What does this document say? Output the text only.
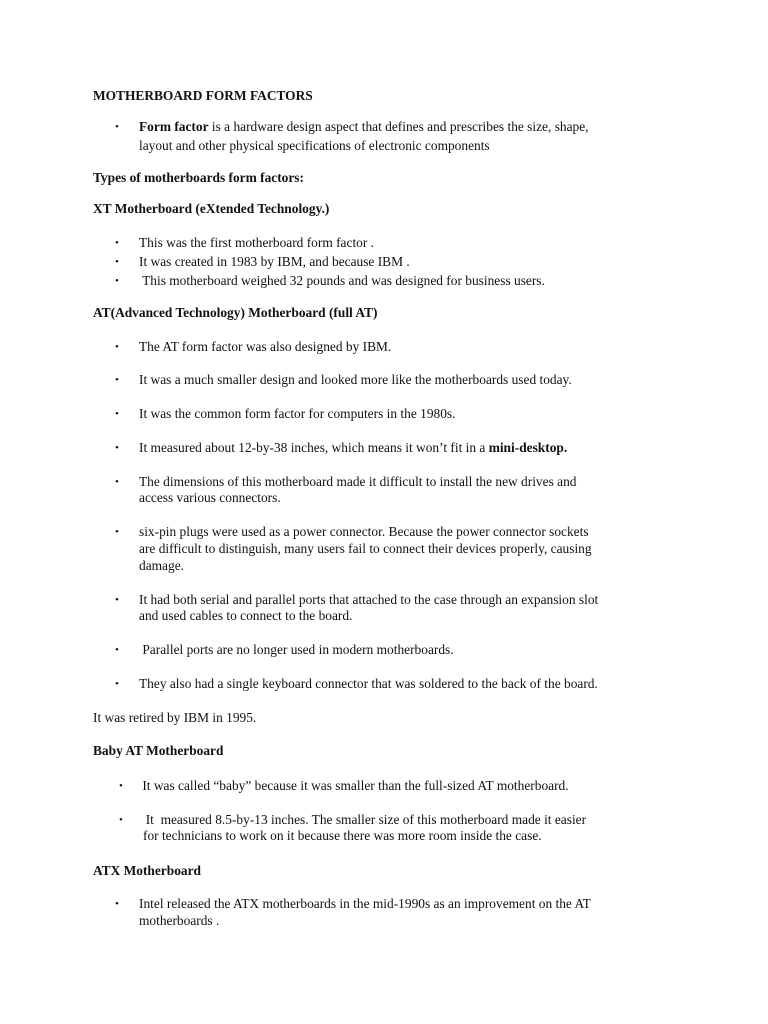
MOTHERBOARD FORM FACTORS
• Form factor is a hardware design aspect that defines and prescribes the size, shape,
layout and other physical specifications of electronic components
Types of motherboards form factors:
XT Motherboard (eXtended Technology.)
• This was the first motherboard form factor .
• It was created in 1983 by IBM, and because IBM .
• This motherboard weighed 32 pounds and was designed for business users.
AT(Advanced Technology) Motherboard (full AT)
• The AT form factor was also designed by IBM.
• It was a much smaller design and looked more like the motherboards used today.
• It was the common form factor for computers in the 1980s.
• It measured about 12-by-38 inches, which means it won’t fit in a mini-desktop.
• The dimensions of this motherboard made it difficult to install the new drives and
access various connectors.
• six-pin plugs were used as a power connector. Because the power connector sockets
are difficult to distinguish, many users fail to connect their devices properly, causing
damage.
• It had both serial and parallel ports that attached to the case through an expansion slot
and used cables to connect to the board.
• Parallel ports are no longer used in modern motherboards.
• They also had a single keyboard connector that was soldered to the back of the board.
It was retired by IBM in 1995.
Baby AT Motherboard
• It was called “baby” because it was smaller than the full-sized AT motherboard.
• It  measured 8.5-by-13 inches. The smaller size of this motherboard made it easier
for technicians to work on it because there was more room inside the case.
ATX Motherboard
• Intel released the ATX motherboards in the mid-1990s as an improvement on the AT
motherboards .
